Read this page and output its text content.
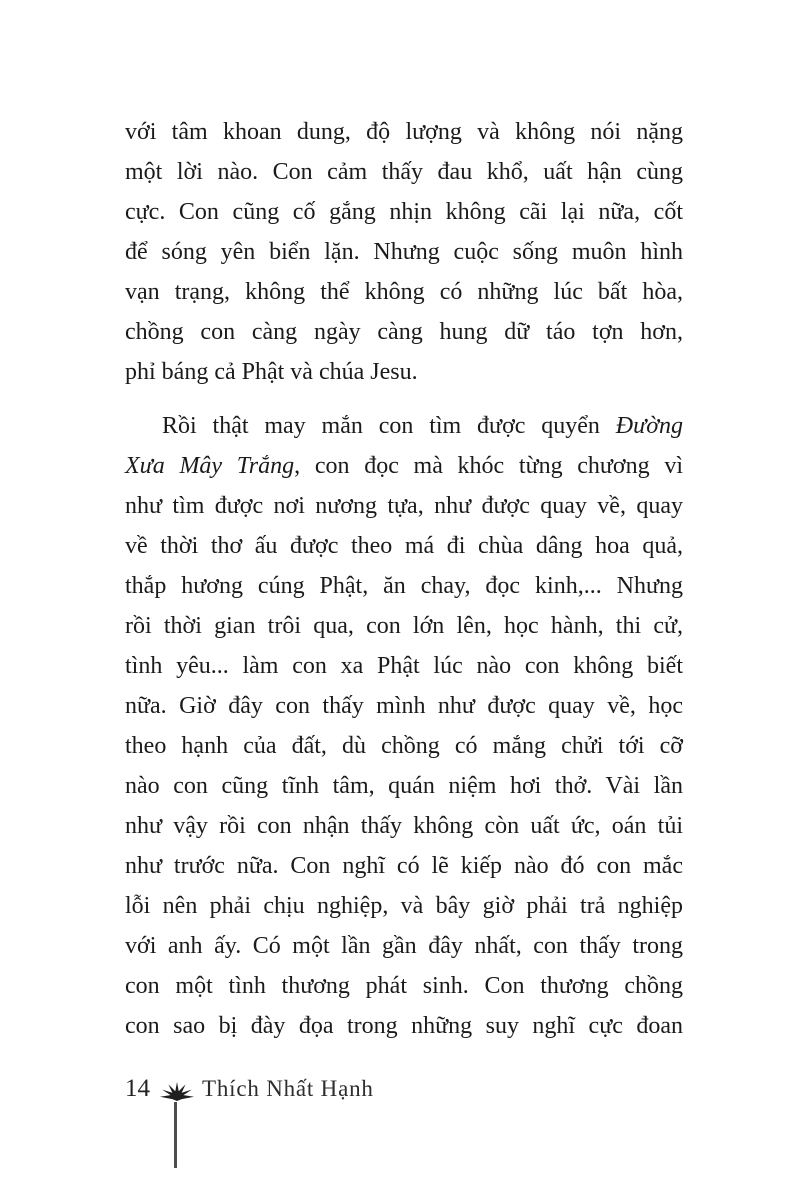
với tâm khoan dung, độ lượng và không nói nặng
một lời nào. Con cảm thấy đau khổ, uất hận cùng
cực. Con cũng cố gắng nhịn không cãi lại nữa, cốt
để sóng yên biển lặn. Nhưng cuộc sống muôn hình
vạn trạng, không thể không có những lúc bất hòa,
chồng con càng ngày càng hung dữ táo tợn hơn,
phỉ báng cả Phật và chúa Jesu.
Rồi thật may mắn con tìm được quyển Đường
Xưa Mây Trắng, con đọc mà khóc từng chương vì
như tìm được nơi nương tựa, như được quay về, quay
về thời thơ ấu được theo má đi chùa dâng hoa quả,
thắp hương cúng Phật, ăn chay, đọc kinh,... Nhưng
rồi thời gian trôi qua, con lớn lên, học hành, thi cử,
tình yêu... làm con xa Phật lúc nào con không biết
nữa. Giờ đây con thấy mình như được quay về, học
theo hạnh của đất, dù chồng có mắng chửi tới cỡ
nào con cũng tĩnh tâm, quán niệm hơi thở. Vài lần
như vậy rồi con nhận thấy không còn uất ức, oán tủi
như trước nữa. Con nghĩ có lẽ kiếp nào đó con mắc
lỗi nên phải chịu nghiệp, và bây giờ phải trả nghiệp
với anh ấy. Có một lần gần đây nhất, con thấy trong
con một tình thương phát sinh. Con thương chồng
con sao bị đày đọa trong những suy nghĩ cực đoan
14 Thích Nhất Hạnh
